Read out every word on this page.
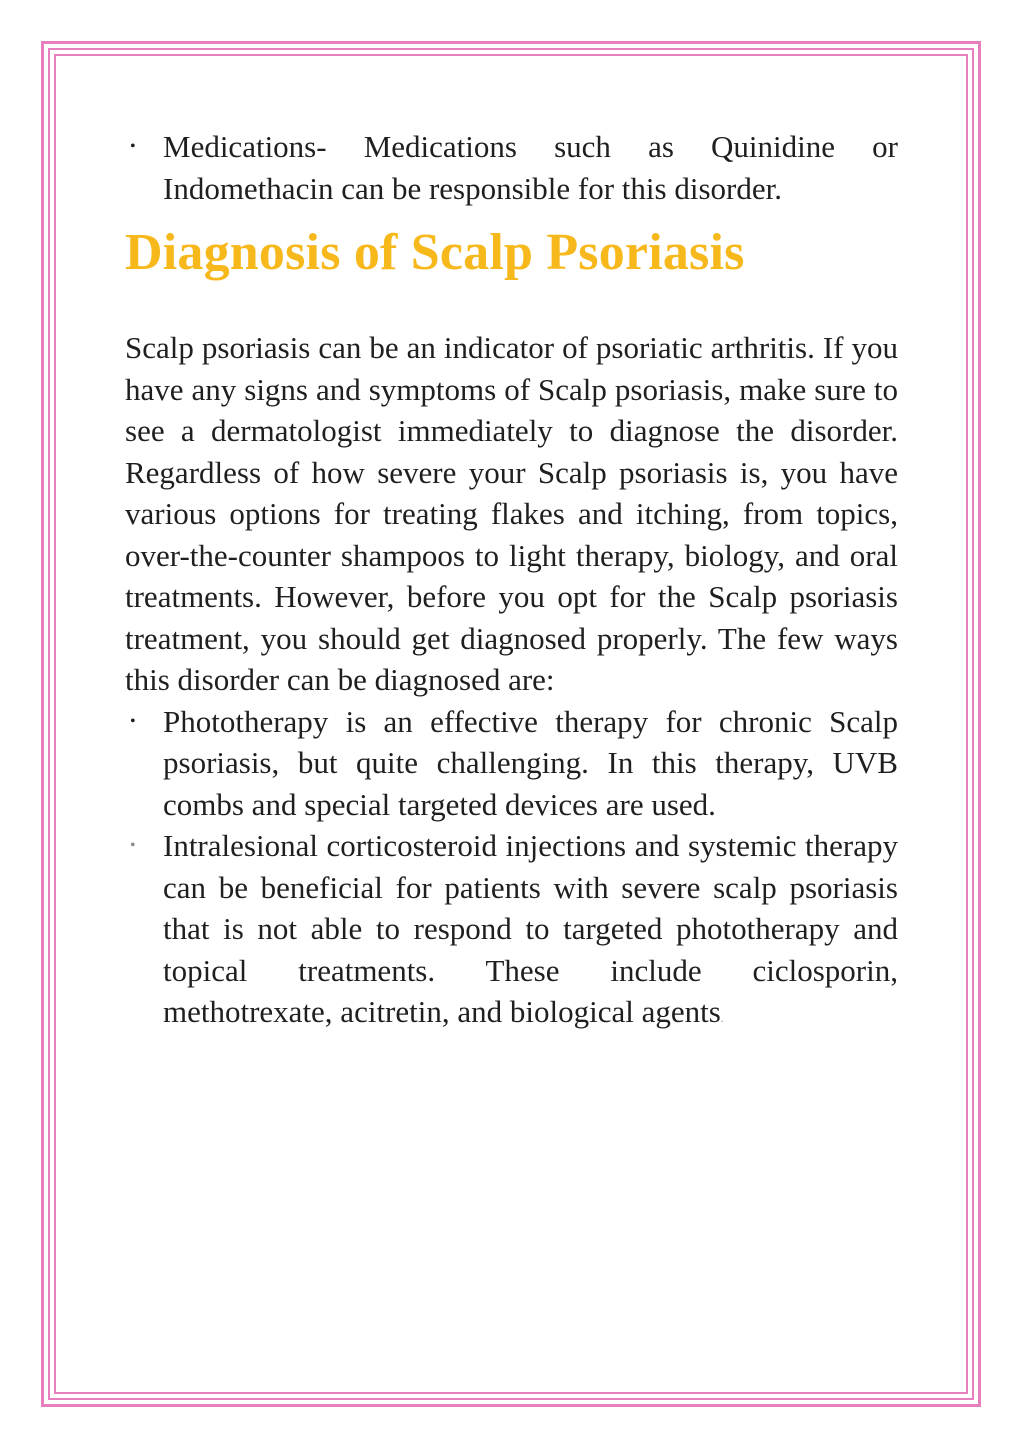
• Medications- Medications such as Quinidine or Indomethacin can be responsible for this disorder.
Diagnosis of Scalp Psoriasis

Scalp psoriasis can be an indicator of psoriatic arthritis. If you have any signs and symptoms of Scalp psoriasis, make sure to see a dermatologist immediately to diagnose the disorder. Regardless of how severe your Scalp psoriasis is, you have various options for treating flakes and itching, from topics, over-the-counter shampoos to light therapy, biology, and oral treatments. However, before you opt for the Scalp psoriasis treatment, you should get diagnosed properly. The few ways this disorder can be diagnosed are:

• Phototherapy is an effective therapy for chronic Scalp psoriasis, but quite challenging. In this therapy, UVB combs and special targeted devices are used.
• Intralesional corticosteroid injections and systemic therapy can be beneficial for patients with severe scalp psoriasis that is not able to respond to targeted phototherapy and topical treatments. These include ciclosporin, methotrexate, acitretin, and biological agents.
